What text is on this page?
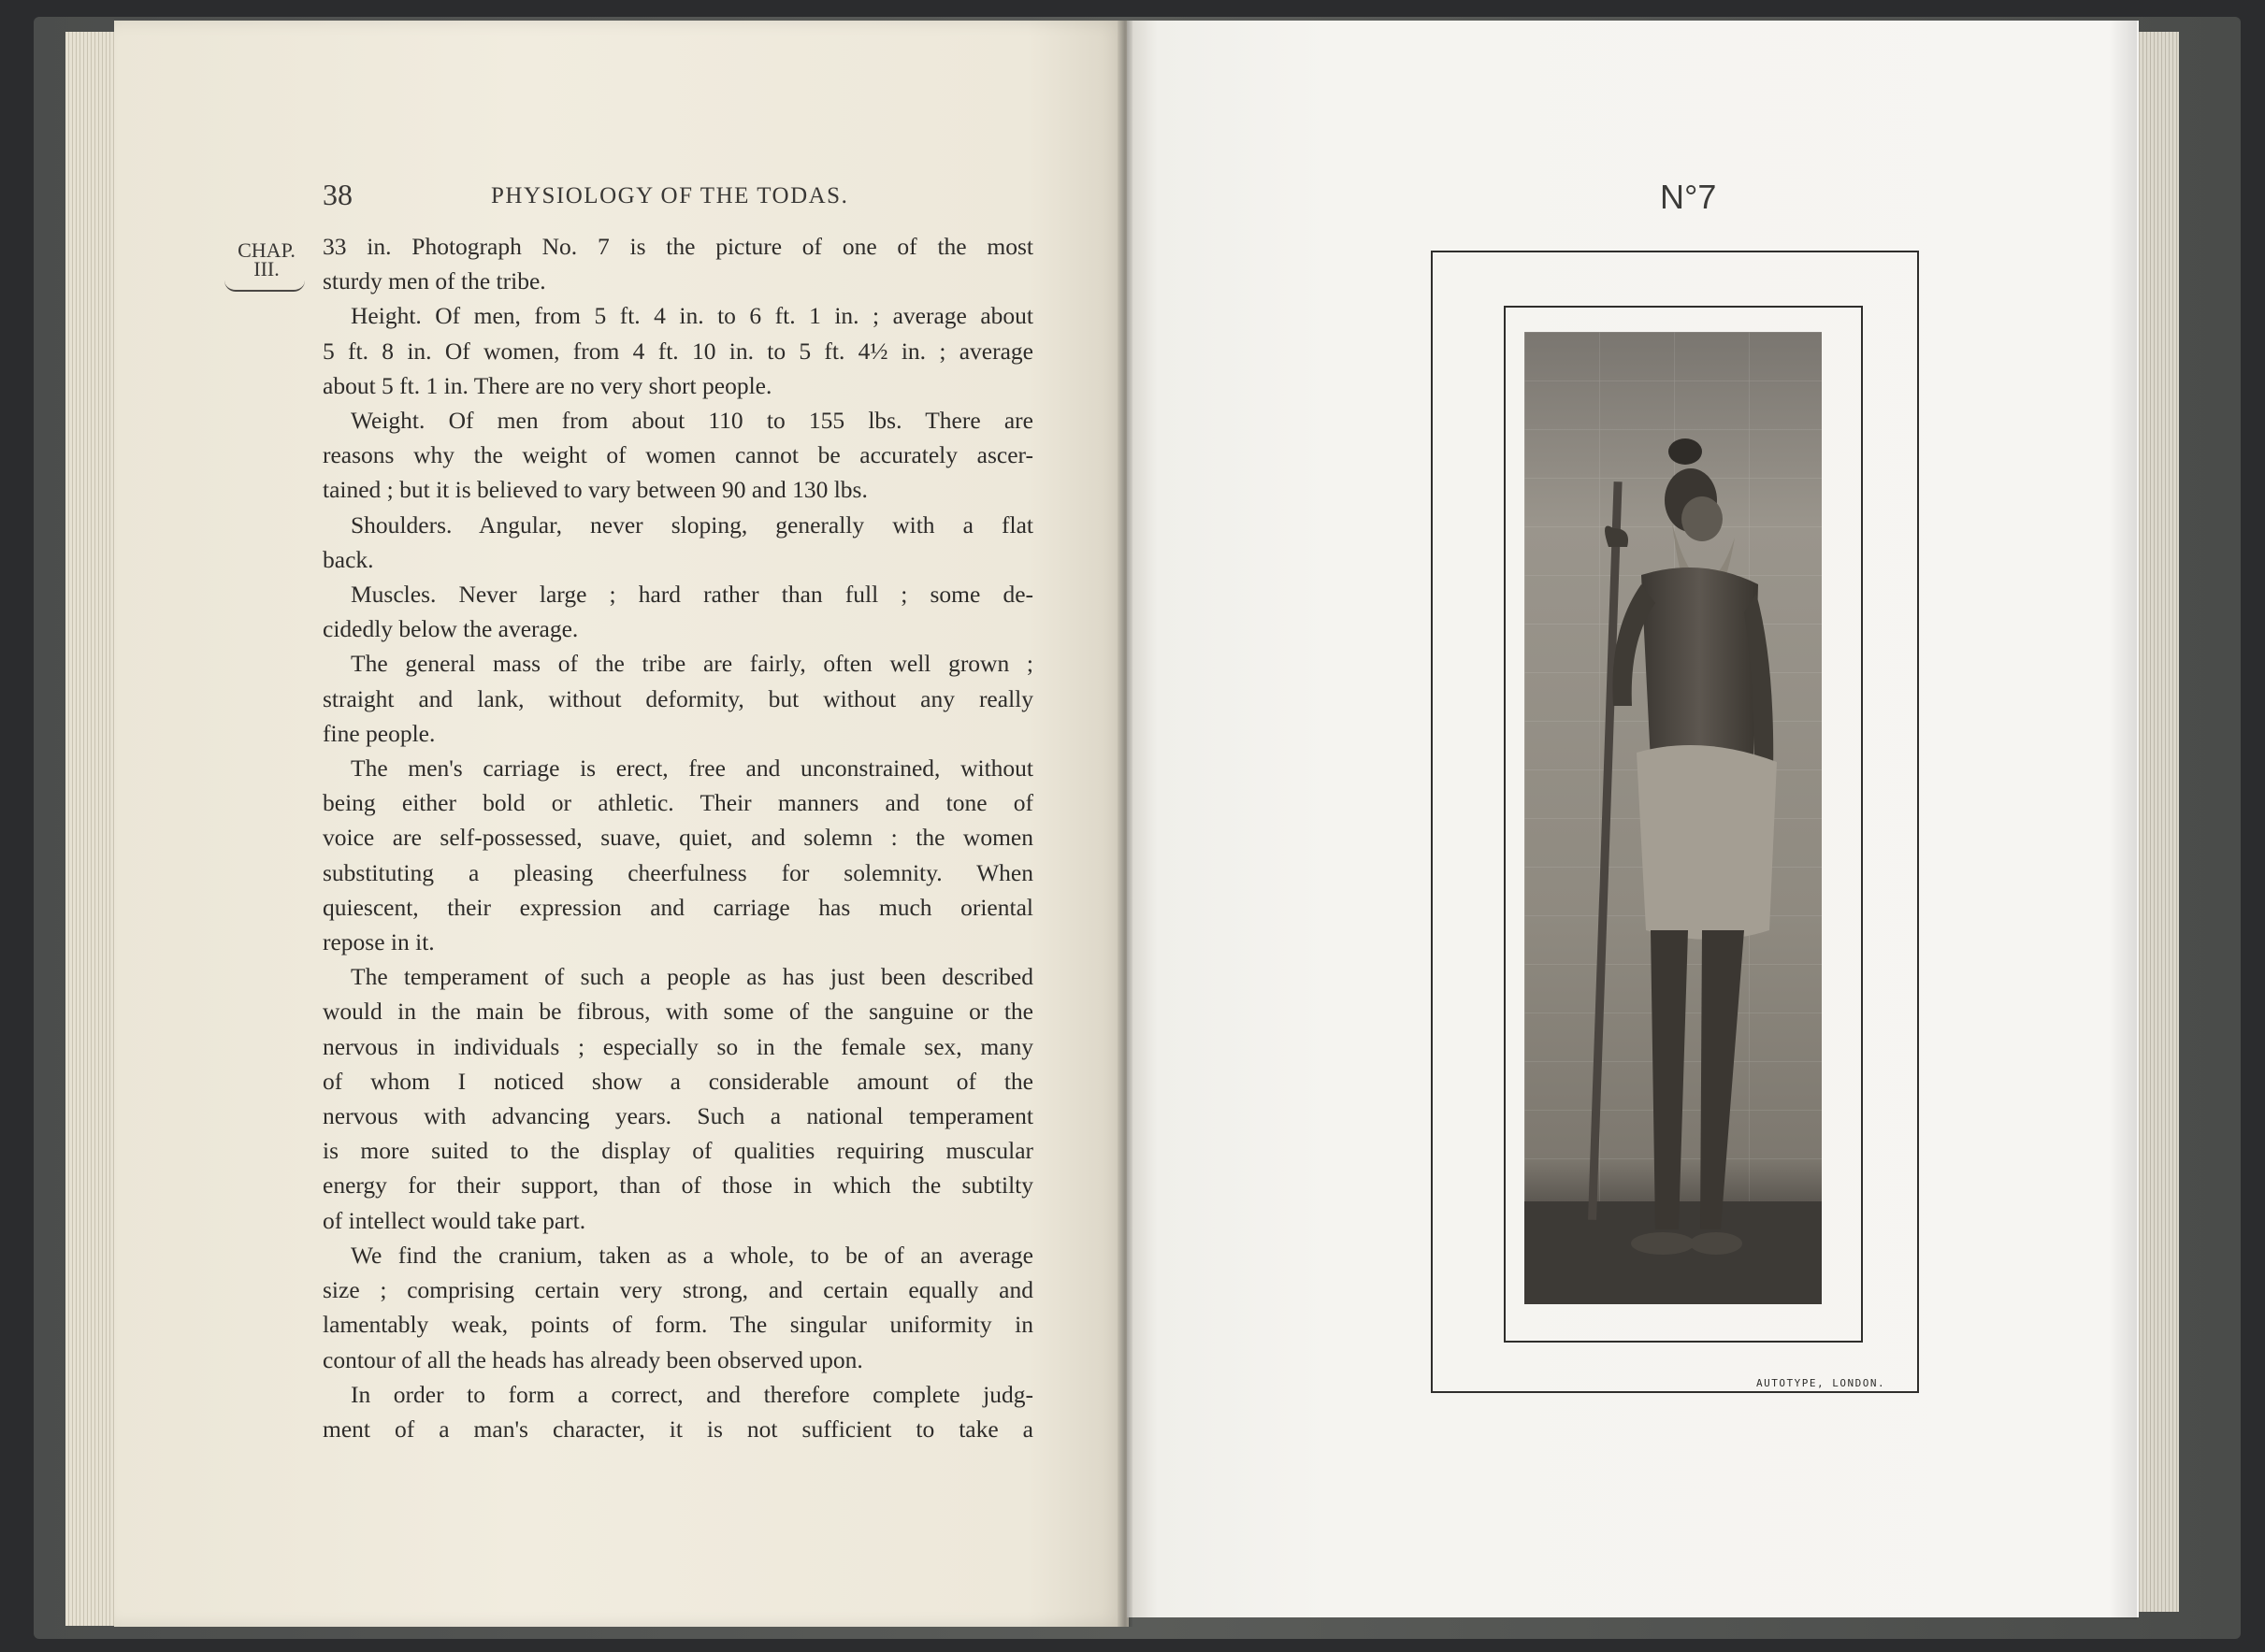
38	PHYSIOLOGY OF THE TODAS.
CHAP.
III.
33 in. Photograph No. 7 is the picture of one of the most
sturdy men of the tribe.
Height. Of men, from 5 ft. 4 in. to 6 ft. 1 in. ; average about
5 ft. 8 in. Of women, from 4 ft. 10 in. to 5 ft. 4½ in. ; average
about 5 ft. 1 in. There are no very short people.
Weight. Of men from about 110 to 155 lbs. There are
reasons why the weight of women cannot be accurately ascer-
tained ; but it is believed to vary between 90 and 130 lbs.
Shoulders. Angular, never sloping, generally with a flat
back.
Muscles. Never large ; hard rather than full ; some de-
cidedly below the average.
The general mass of the tribe are fairly, often well grown ;
straight and lank, without deformity, but without any really
fine people.
The men's carriage is erect, free and unconstrained, without
being either bold or athletic. Their manners and tone of
voice are self-possessed, suave, quiet, and solemn : the women
substituting a pleasing cheerfulness for solemnity. When
quiescent, their expression and carriage has much oriental
repose in it.
The temperament of such a people as has just been described
would in the main be fibrous, with some of the sanguine or the
nervous in individuals ; especially so in the female sex, many
of whom I noticed show a considerable amount of the
nervous with advancing years. Such a national temperament
is more suited to the display of qualities requiring muscular
energy for their support, than of those in which the subtilty
of intellect would take part.
We find the cranium, taken as a whole, to be of an average
size ; comprising certain very strong, and certain equally and
lamentably weak, points of form. The singular uniformity in
contour of all the heads has already been observed upon.
In order to form a correct, and therefore complete judg-
ment of a man's character, it is not sufficient to take a
N°7
AUTOTYPE, LONDON.
